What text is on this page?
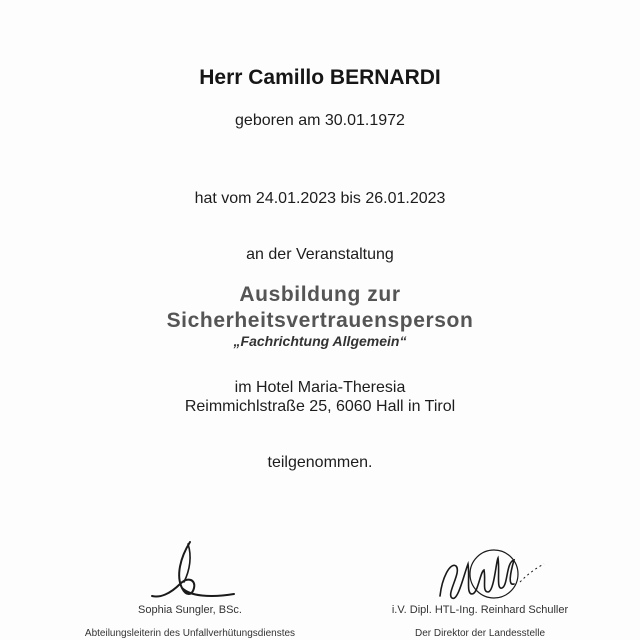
Herr Camillo BERNARDI
geboren am 30.01.1972
hat vom 24.01.2023 bis 26.01.2023
an der Veranstaltung
Ausbildung zur
Sicherheitsvertrauensperson
„Fachrichtung Allgemein“
im Hotel Maria-Theresia
Reimmichlstraße 25, 6060 Hall in Tirol
teilgenommen.
Sophia Sungler, BSc.
Abteilungsleiterin des Unfallverhütungsdienstes
i.V. Dipl. HTL-Ing. Reinhard Schuller
Der Direktor der Landesstelle
